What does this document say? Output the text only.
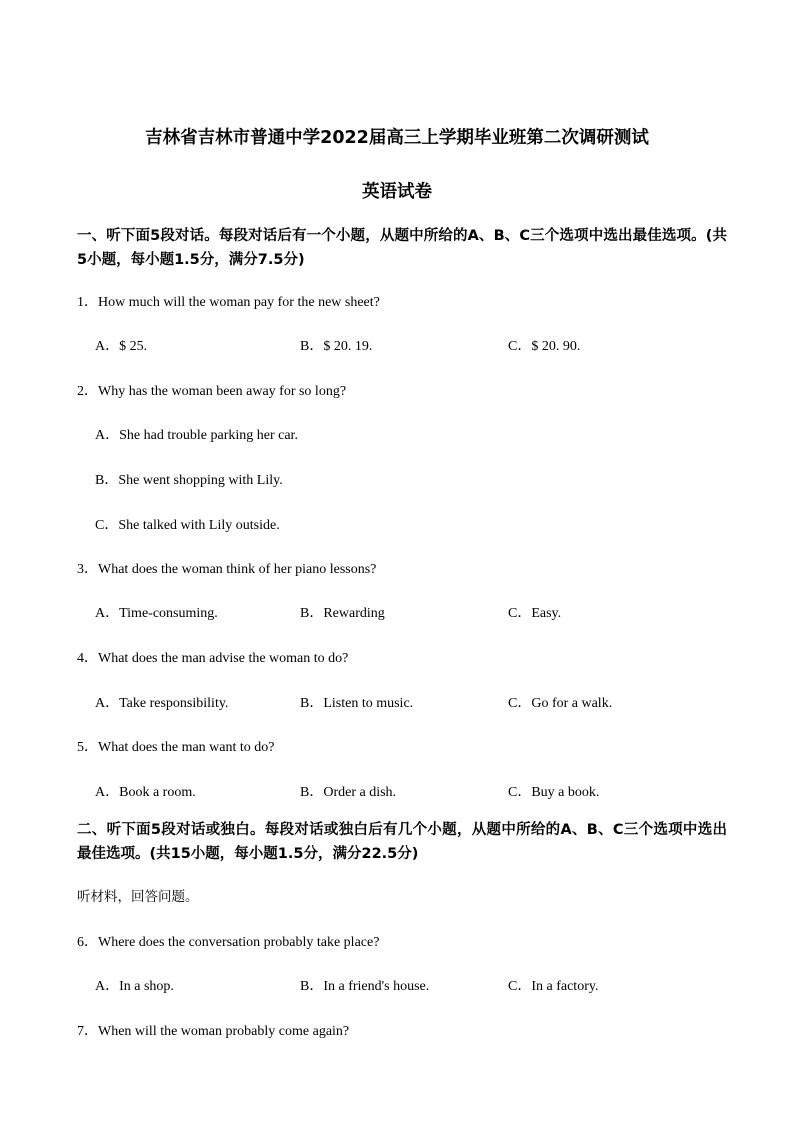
吉林省吉林市普通中学2022届高三上学期毕业班第二次调研测试
英语试卷
一、听下面5段对话。每段对话后有一个小题，从题中所给的A、B、C三个选项中选出最佳选项。(共5小题，每小题1.5分，满分7.5分)
1．How much will the woman pay for the new sheet?
A．$ 25.	B．$ 20. 19.	C．$ 20. 90.
2．Why has the woman been away for so long?
A．She had trouble parking her car.
B．She went shopping with Lily.
C．She talked with Lily outside.
3．What does the woman think of her piano lessons?
A．Time-consuming.	B．Rewarding	C．Easy.
4．What does the man advise the woman to do?
A．Take responsibility.	B．Listen to music.	C．Go for a walk.
5．What does the man want to do?
A．Book a room.	B．Order a dish.	C．Buy a book.
二、听下面5段对话或独白。每段对话或独白后有几个小题，从题中所给的A、B、C三个选项中选出最佳选项。(共15小题，每小题1.5分，满分22.5分)
听材料，回答问题。
6．Where does the conversation probably take place?
A．In a shop.	B．In a friend's house.	C．In a factory.
7．When will the woman probably come again?
